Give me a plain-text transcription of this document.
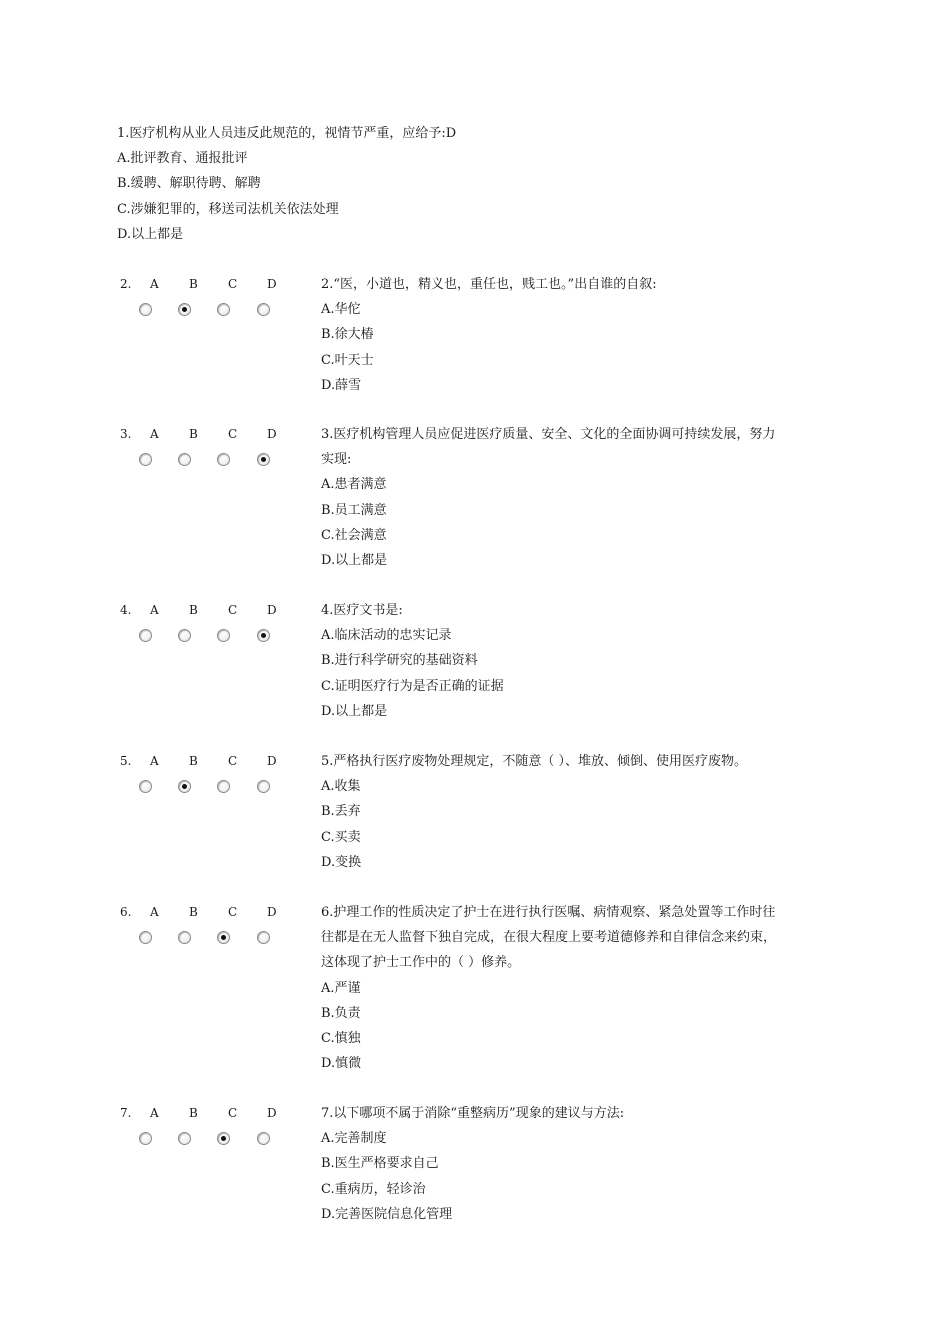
1.医疗机构从业人员违反此规范的，视情节严重，应给予:D
A.批评教育、通报批评
B.缓聘、解职待聘、解聘
C.涉嫌犯罪的，移送司法机关依法处理
D.以上都是
2. A	B	C D	2.“医，小道也，精义也，重任也，贱工也。”出自谁的自叙:
A.华佗
B.徐大椿
C.叶天士
D.薛雪
3. A	B	C D	3.医疗机构管理人员应促进医疗质量、安全、文化的全面协调可持续发展，努力
实现:
A.患者满意
B.员工满意
C.社会满意
D.以上都是
4. A	B	C D	4.医疗文书是:
A.临床活动的忠实记录
B.进行科学研究的基础资料
C.证明医疗行为是否正确的证据
D.以上都是
5. A	B	C D	5.严格执行医疗废物处理规定，不随意（ ）、堆放、倾倒、使用医疗废物。
A.收集
B.丢弃
C.买卖
D.变换
6. A	B	C D	6.护理工作的性质决定了护士在进行执行医嘱、病情观察、紧急处置等工作时往
往都是在无人监督下独自完成，在很大程度上要考道德修养和自律信念来约束，
这体现了护士工作中的（ ）修养。
A.严谨
B.负责
C.慎独
D.慎微
7. A	B	C D	7.以下哪项不属于消除“重整病历”现象的建议与方法:
A.完善制度
B.医生严格要求自己
C.重病历，轻诊治
D.完善医院信息化管理
